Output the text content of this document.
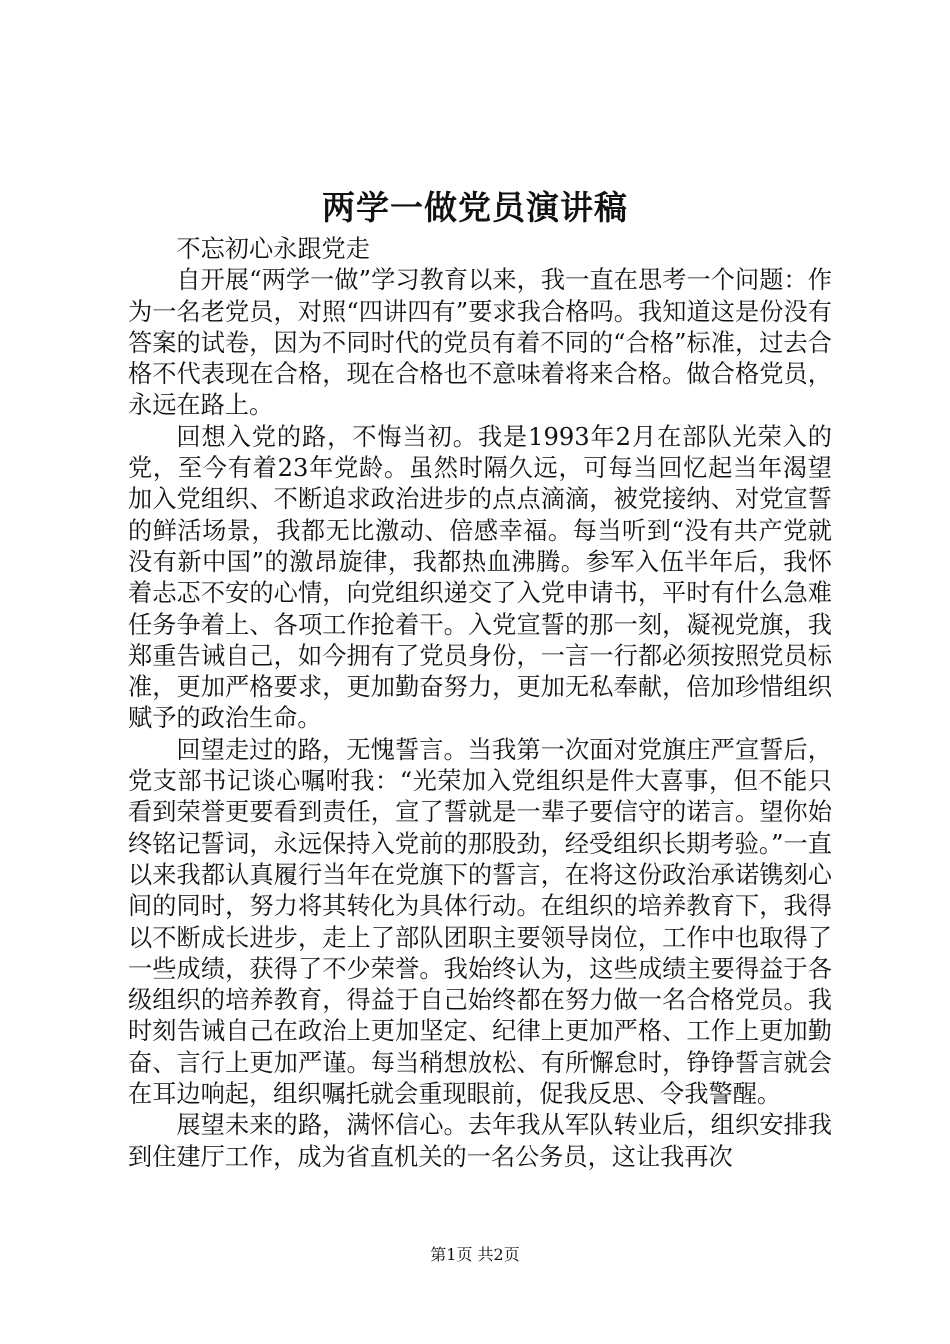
两学一做党员演讲稿

不忘初心永跟党走

自开展“两学一做”学习教育以来，我一直在思考一个问题：作为一名老党员，对照“四讲四有”要求我合格吗。我知道这是份没有答案的试卷，因为不同时代的党员有着不同的“合格”标准，过去合格不代表现在合格，现在合格也不意味着将来合格。做合格党员，永远在路上。

回想入党的路，不悔当初。我是1993年2月在部队光荣入的党，至今有着23年党龄。虽然时隔久远，可每当回忆起当年渴望加入党组织、不断追求政治进步的点点滴滴，被党接纳、对党宣誓的鲜活场景，我都无比激动、倍感幸福。每当听到“没有共产党就没有新中国”的激昂旋律，我都热血沸腾。参军入伍半年后，我怀着忐忑不安的心情，向党组织递交了入党申请书，平时有什么急难任务争着上、各项工作抢着干。入党宣誓的那一刻，凝视党旗，我郑重告诫自己，如今拥有了党员身份，一言一行都必须按照党员标准，更加严格要求，更加勤奋努力，更加无私奉献，倍加珍惜组织赋予的政治生命。

回望走过的路，无愧誓言。当我第一次面对党旗庄严宣誓后，党支部书记谈心嘱咐我：“光荣加入党组织是件大喜事，但不能只看到荣誉更要看到责任，宣了誓就是一辈子要信守的诺言。望你始终铭记誓词，永远保持入党前的那股劲，经受组织长期考验。”一直以来我都认真履行当年在党旗下的誓言，在将这份政治承诺镌刻心间的同时，努力将其转化为具体行动。在组织的培养教育下，我得以不断成长进步，走上了部队团职主要领导岗位，工作中也取得了一些成绩，获得了不少荣誉。我始终认为，这些成绩主要得益于各级组织的培养教育，得益于自己始终都在努力做一名合格党员。我时刻告诫自己在政治上更加坚定、纪律上更加严格、工作上更加勤奋、言行上更加严谨。每当稍想放松、有所懈怠时，铮铮誓言就会在耳边响起，组织嘱托就会重现眼前，促我反思、令我警醒。

展望未来的路，满怀信心。去年我从军队转业后，组织安排我到住建厅工作，成为省直机关的一名公务员，这让我再次

第1页 共2页
